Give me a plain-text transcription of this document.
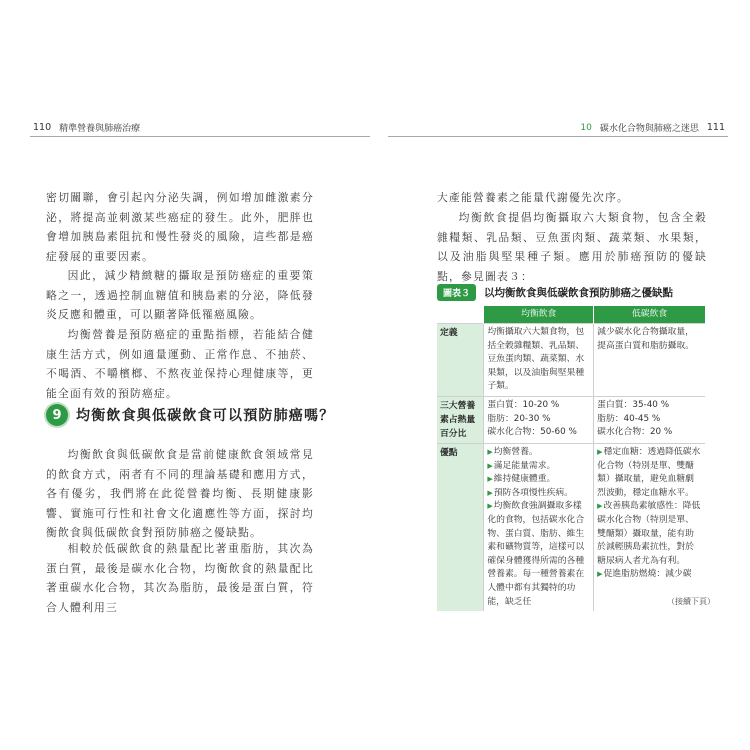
110 精準營養與肺癌治療	10 碳水化合物與肺癌之迷思 111
密切關聯，會引起內分泌失調，例如增加雌激素分泌，將提高並刺激某些癌症的發生。此外，肥胖也會增加胰島素阻抗和慢性發炎的風險，這些都是癌症發展的重要因素。
因此，減少精緻糖的攝取是預防癌症的重要策略之一，透過控制血糖值和胰島素的分泌，降低發炎反應和體重，可以顯著降低罹癌風險。
均衡營養是預防癌症的重點指標，若能結合健康生活方式，例如適量運動、正常作息、不抽菸、不喝酒、不嚼檳榔、不熬夜並保持心理健康等，更能全面有效的預防癌症。
9	均衡飲食與低碳飲食可以預防肺癌嗎？
均衡飲食與低碳飲食是當前健康飲食領域常見的飲食方式，兩者有不同的理論基礎和應用方式，各有優劣，我們將在此從營養均衡、長期健康影響、實施可行性和社會文化適應性等方面，探討均衡飲食與低碳飲食對預防肺癌之優缺點。
相較於低碳飲食的熱量配比著重脂肪，其次為蛋白質，最後是碳水化合物，均衡飲食的熱量配比著重碳水化合物，其次為脂肪，最後是蛋白質，符合人體利用三
大產能營養素之能量代謝優先次序。
均衡飲食提倡均衡攝取六大類食物，包含全穀雜糧類、乳品類、豆魚蛋肉類、蔬菜類、水果類，以及油脂與堅果種子類。應用於肺癌預防的優缺點，參見圖表３：
圖表３	以均衡飲食與低碳飲食預防肺癌之優缺點
	均衡飲食	低碳飲食
定義	均衡攝取六大類食物，包括全穀雜糧類、乳品類、豆魚蛋肉類、蔬菜類、水果類，以及油脂與堅果種子類。	減少碳水化合物攝取量，提高蛋白質和脂肪攝取。
三大營養素占熱量百分比	蛋白質：10-20 %
脂肪：20-30 %
碳水化合物：50-60 %	蛋白質：35-40 %
脂肪：40-45 %
碳水化合物：20 %

優點	▶ 均衡營養。
▶ 滿足能量需求。
▶ 維持健康體重。
▶ 預防各項慢性疾病。
▶ 均衡飲食強調攝取多樣化的食物，包括碳水化合物、蛋白質、脂肪、維生素和礦物質等，這樣可以確保身體獲得所需的各種營養素。每一種營養素在人體中都有其獨特的功能，缺乏任	▶ 穩定血糖：透過降低碳水化合物（特別是單、雙醣類）攝取量，避免血糖劇烈波動，穩定血糖水平。
▶ 改善胰島素敏感性：降低碳水化合物（特別是單、雙醣類）攝取量，能有助於減輕胰島素抗性，對於糖尿病人者尤為有利。
▶ 促進脂肪燃燒：減少碳
（接續下頁）
